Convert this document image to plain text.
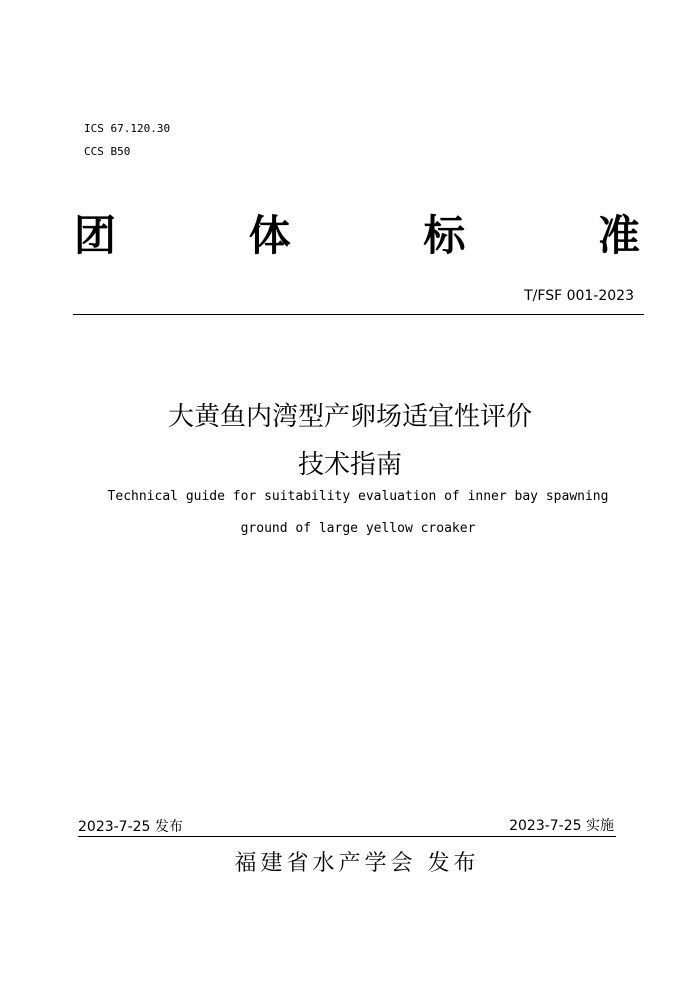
ICS 67.120.30
CCS B50
团	体	标	准
T/FSF 001-2023
大黄鱼内湾型产卵场适宜性评价
技术指南
Technical guide for suitability evaluation of inner bay spawning
ground of large yellow croaker
2023-7-25 发布	2023-7-25 实施
福建省水产学会 发布
